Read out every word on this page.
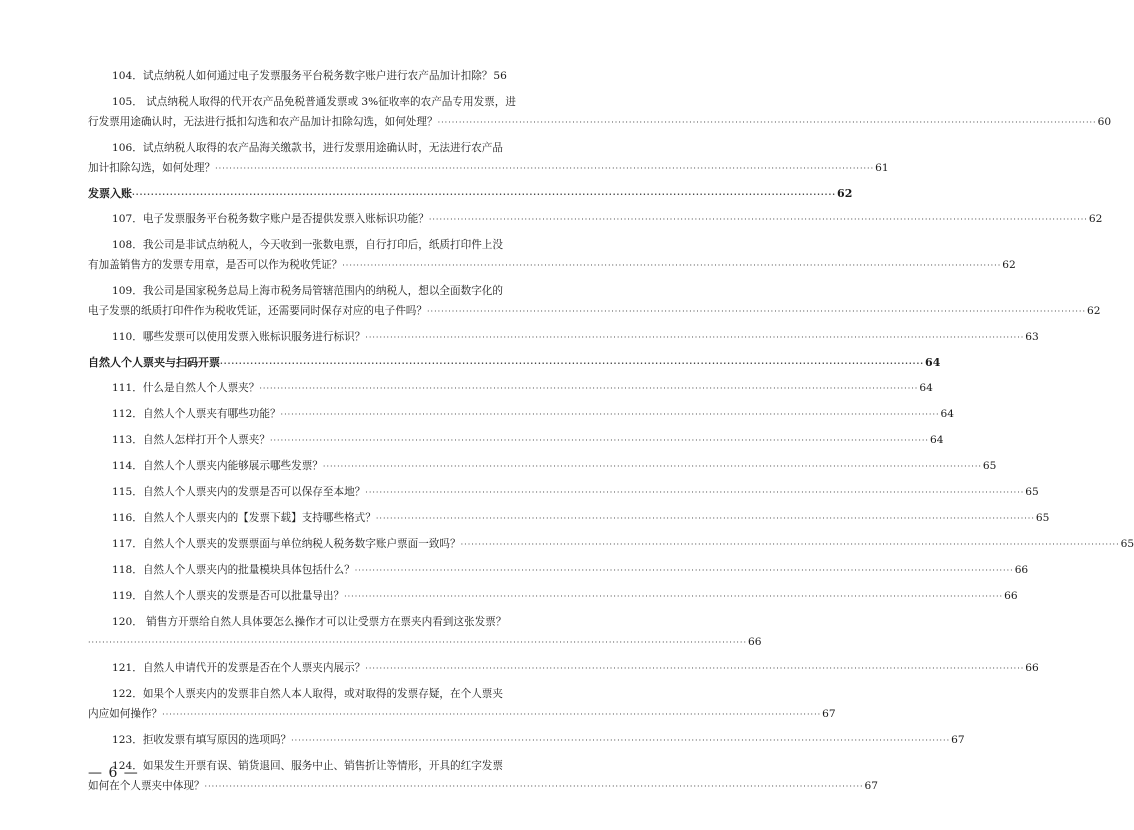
104．试点纳税人如何通过电子发票服务平台税务数字账户进行农产品加计扣除？ 56
105． 试点纳税人取得的代开农产品免税普通发票或 3%征收率的农产品专用发票，进
行发票用途确认时，无法进行抵扣勾选和农产品加计扣除勾选，如何处理？ ·····	60
106．试点纳税人取得的农产品海关缴款书，进行发票用途确认时，无法进行农产品
加计扣除勾选，如何处理？ ·····	61
发票入账 ·····	62
107．电子发票服务平台税务数字账户是否提供发票入账标识功能？ ·····	62
108．我公司是非试点纳税人，今天收到一张数电票，自行打印后，纸质打印件上没
有加盖销售方的发票专用章，是否可以作为税收凭证？ ·····	62
109．我公司是国家税务总局上海市税务局管辖范围内的纳税人，想以全面数字化的
电子发票的纸质打印件作为税收凭证，还需要同时保存对应的电子件吗？ ·····	62
110．哪些发票可以使用发票入账标识服务进行标识？ ·····	63
自然人个人票夹与扫码开票 ·····	64
111．什么是自然人个人票夹？ ·····	64
112．自然人个人票夹有哪些功能？ ·····	64
113．自然人怎样打开个人票夹？ ·····	64
114．自然人个人票夹内能够展示哪些发票？ ·····	65
115．自然人个人票夹内的发票是否可以保存至本地？ ·····	65
116．自然人个人票夹内的【发票下载】支持哪些格式？ ·····	65
117．自然人个人票夹的发票票面与单位纳税人税务数字账户票面一致吗？ ·····	65
118．自然人个人票夹内的批量模块具体包括什么？ ·····	66
119．自然人个人票夹的发票是否可以批量导出？ ·····	66
120． 销售方开票给自然人具体要怎么操作才可以让受票方在票夹内看到这张发票？
·····
66
121．自然人申请代开的发票是否在个人票夹内展示？ ·····	66
122．如果个人票夹内的发票非自然人本人取得，或对取得的发票存疑，在个人票夹
内应如何操作？ ·····	67
123．拒收发票有填写原因的选项吗？ ·····	67
124．如果发生开票有误、销货退回、服务中止、销售折让等情形，开具的红字发票
如何在个人票夹中体现？ ·····	67
— 6 —
